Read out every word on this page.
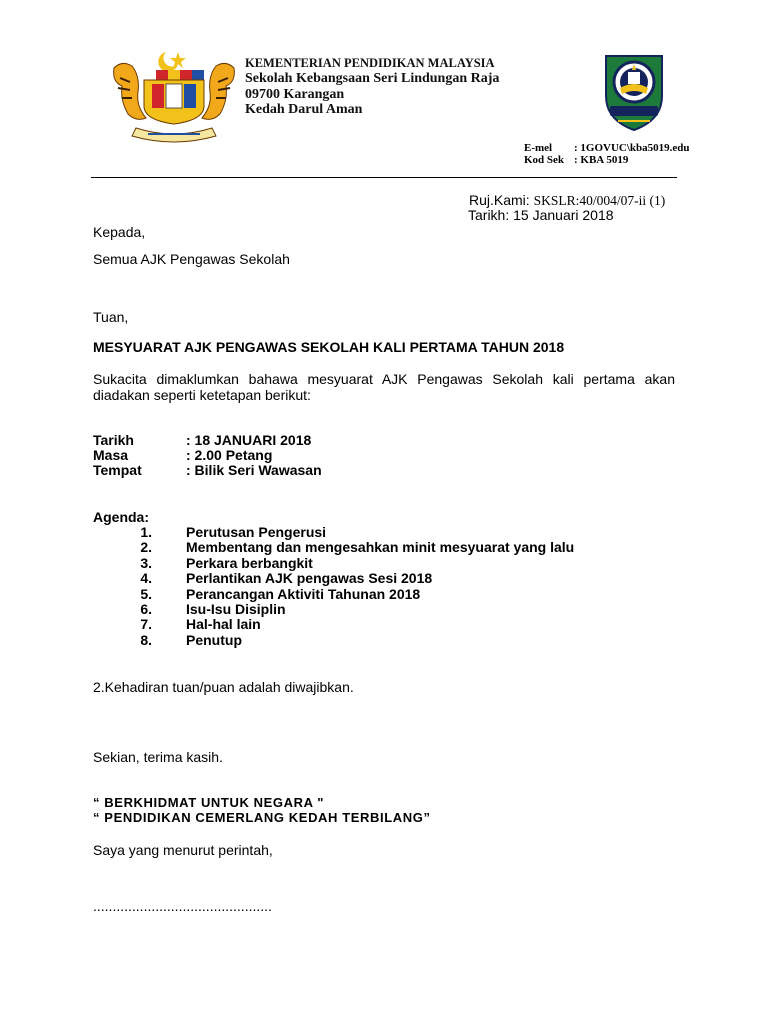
KEMENTERIAN PENDIDIKAN MALAYSIA
Sekolah Kebangsaan Seri Lindungan Raja
09700 Karangan
Kedah Darul Aman
E-mel : 1GOVUC\kba5019.edu
Kod Sek : KBA 5019
Ruj.Kami: SKSLR:40/004/07-ii (1)
Tarikh: 15 Januari 2018
Kepada,
Semua AJK Pengawas Sekolah
Tuan,
MESYUARAT AJK PENGAWAS SEKOLAH KALI PERTAMA TAHUN 2018
Sukacita dimaklumkan bahawa mesyuarat AJK Pengawas Sekolah kali pertama akan diadakan seperti ketetapan berikut:
Tarikh	: 18 JANUARI 2018
Masa	: 2.00 Petang
Tempat	: Bilik Seri Wawasan
Agenda:
1. Perutusan Pengerusi
2. Membentang dan mengesahkan minit mesyuarat yang lalu
3. Perkara berbangkit
4. Perlantikan AJK pengawas Sesi 2018
5. Perancangan Aktiviti Tahunan 2018
6. Isu-Isu Disiplin
7. Hal-hal lain
8. Penutup
2.Kehadiran tuan/puan adalah diwajibkan.
Sekian, terima kasih.
“ BERKHIDMAT UNTUK NEGARA "
“ PENDIDIKAN CEMERLANG KEDAH TERBILANG”
Saya yang menurut perintah,
..............................................
